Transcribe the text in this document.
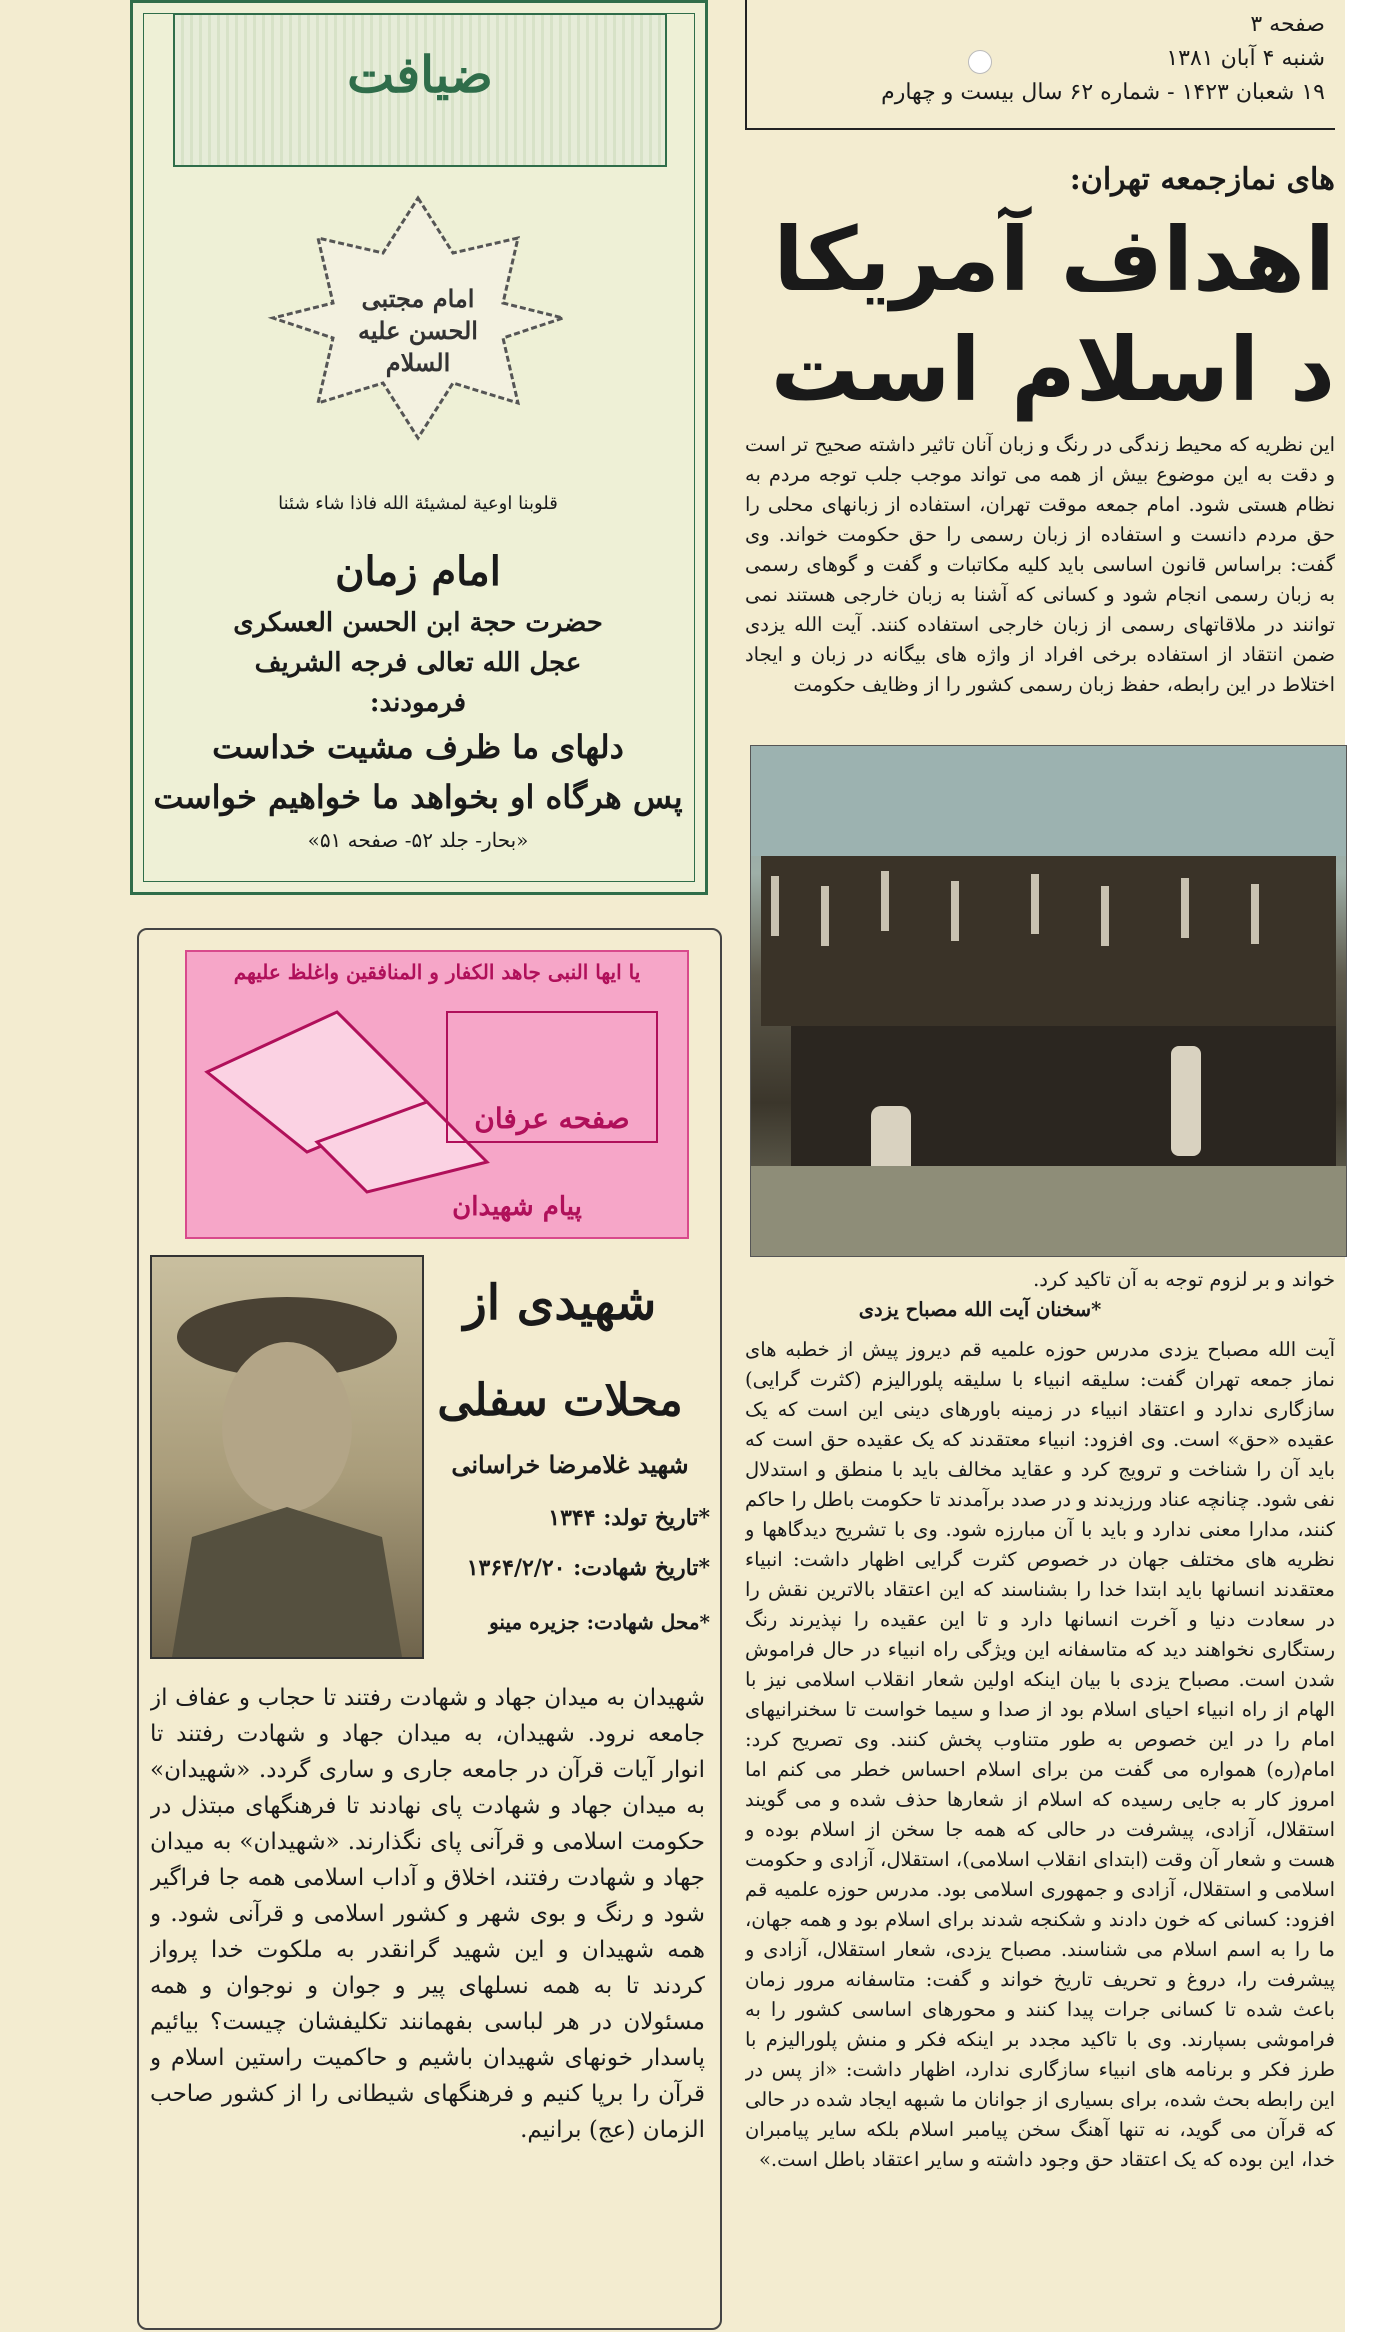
صفحه ۳
شنبه ۴ آبان ۱۳۸۱
۱۹ شعبان ۱۴۲۳ - شماره ۶۲ سال بیست و چهارم
های نمازجمعه تهران:
اهداف آمریکا
د اسلام است
این نظریه که محیط زندگی در رنگ و زبان آنان تاثیر داشته صحیح تر است و دقت به این موضوع بیش از همه می تواند موجب جلب توجه مردم به نظام هستی شود. امام جمعه موقت تهران، استفاده از زبانهای محلی را حق مردم دانست و استفاده از زبان رسمی را حق حکومت خواند. وی گفت: براساس قانون اساسی باید کلیه مکاتبات و گفت و گوهای رسمی به زبان رسمی انجام شود و کسانی که آشنا به زبان خارجی هستند نمی توانند در ملاقاتهای رسمی از زبان خارجی استفاده کنند. آیت الله یزدی ضمن انتقاد از استفاده برخی افراد از واژه های بیگانه در زبان و ایجاد اختلاط در این رابطه، حفظ زبان رسمی کشور را از وظایف حکومت
خواند و بر لزوم توجه به آن تاکید کرد.
*سخنان آیت الله مصباح یزدی
آیت الله مصباح یزدی مدرس حوزه علمیه قم دیروز پیش از خطبه های نماز جمعه تهران گفت: سلیقه انبیاء با سلیقه پلورالیزم (کثرت گرایی) سازگاری ندارد و اعتقاد انبیاء در زمینه باورهای دینی این است که یک عقیده «حق» است. وی افزود: انبیاء معتقدند که یک عقیده حق است که باید آن را شناخت و ترویج کرد و عقاید مخالف باید با منطق و استدلال نفی شود. چنانچه عناد ورزیدند و در صدد برآمدند تا حکومت باطل را حاکم کنند، مدارا معنی ندارد و باید با آن مبارزه شود. وی با تشریح دیدگاهها و نظریه های مختلف جهان در خصوص کثرت گرایی اظهار داشت: انبیاء معتقدند انسانها باید ابتدا خدا را بشناسند که این اعتقاد بالاترین نقش را در سعادت دنیا و آخرت انسانها دارد و تا این عقیده را نپذیرند رنگ رستگاری نخواهند دید که متاسفانه این ویژگی راه انبیاء در حال فراموش شدن است. مصباح یزدی با بیان اینکه اولین شعار انقلاب اسلامی نیز با الهام از راه انبیاء احیای اسلام بود از صدا و سیما خواست تا سخنرانیهای امام را در این خصوص به طور متناوب پخش کنند. وی تصریح کرد: امام(ره) همواره می گفت من برای اسلام احساس خطر می کنم اما امروز کار به جایی رسیده که اسلام از شعارها حذف شده و می گویند استقلال، آزادی، پیشرفت در حالی که همه جا سخن از اسلام بوده و هست و شعار آن وقت (ابتدای انقلاب اسلامی)، استقلال، آزادی و حکومت اسلامی و استقلال، آزادی و جمهوری اسلامی بود. مدرس حوزه علمیه قم افزود: کسانی که خون دادند و شکنجه شدند برای اسلام بود و همه جهان، ما را به اسم اسلام می شناسند. مصباح یزدی، شعار استقلال، آزادی و پیشرفت را، دروغ و تحریف تاریخ خواند و گفت: متاسفانه مرور زمان باعث شده تا کسانی جرات پیدا کنند و محورهای اساسی کشور را به فراموشی بسپارند. وی با تاکید مجدد بر اینکه فکر و منش پلورالیزم با طرز فکر و برنامه های انبیاء سازگاری ندارد، اظهار داشت: «از پس در این رابطه بحث شده، برای بسیاری از جوانان ما شبهه ایجاد شده در حالی که قرآن می گوید، نه تنها آهنگ سخن پیامبر اسلام بلکه سایر پیامبران خدا، این بوده که یک اعتقاد حق وجود داشته و سایر اعتقاد باطل است.»
ضیافت
امام مجتبی الحسن علیه السلام
قلوبنا اوعیة لمشیئة الله فاذا شاء شئنا
امام زمان
حضرت حجة ابن الحسن العسکری
عجل الله تعالی فرجه الشریف
فرمودند:
دلهای ما ظرف مشیت خداست
پس هرگاه او بخواهد ما خواهیم خواست
«بحار- جلد ۵۲- صفحه ۵۱»
یا ایها النبی جاهد الکفار و المنافقین واغلظ علیهم
صفحه عرفان
پیام شهیدان
شهیدی از
محلات سفلی
شهید غلامرضا خراسانی
*تاریخ تولد: ۱۳۴۴
*تاریخ شهادت: ۱۳۶۴/۲/۲۰
*محل شهادت: جزیره مینو
شهیدان به میدان جهاد و شهادت رفتند تا حجاب و عفاف از جامعه نرود. شهیدان، به میدان جهاد و شهادت رفتند تا انوار آیات قرآن در جامعه جاری و ساری گردد. «شهیدان» به میدان جهاد و شهادت پای نهادند تا فرهنگهای مبتذل در حکومت اسلامی و قرآنی پای نگذارند. «شهیدان» به میدان جهاد و شهادت رفتند، اخلاق و آداب اسلامی همه جا فراگیر شود و رنگ و بوی شهر و کشور اسلامی و قرآنی شود. و همه شهیدان و این شهید گرانقدر به ملکوت خدا پرواز کردند تا به همه نسلهای پیر و جوان و نوجوان و همه مسئولان در هر لباسی بفهمانند تکلیفشان چیست؟ بیائیم پاسدار خونهای شهیدان باشیم و حاکمیت راستین اسلام و قرآن را برپا کنیم و فرهنگهای شیطانی را از کشور صاحب الزمان (عج) برانیم.
